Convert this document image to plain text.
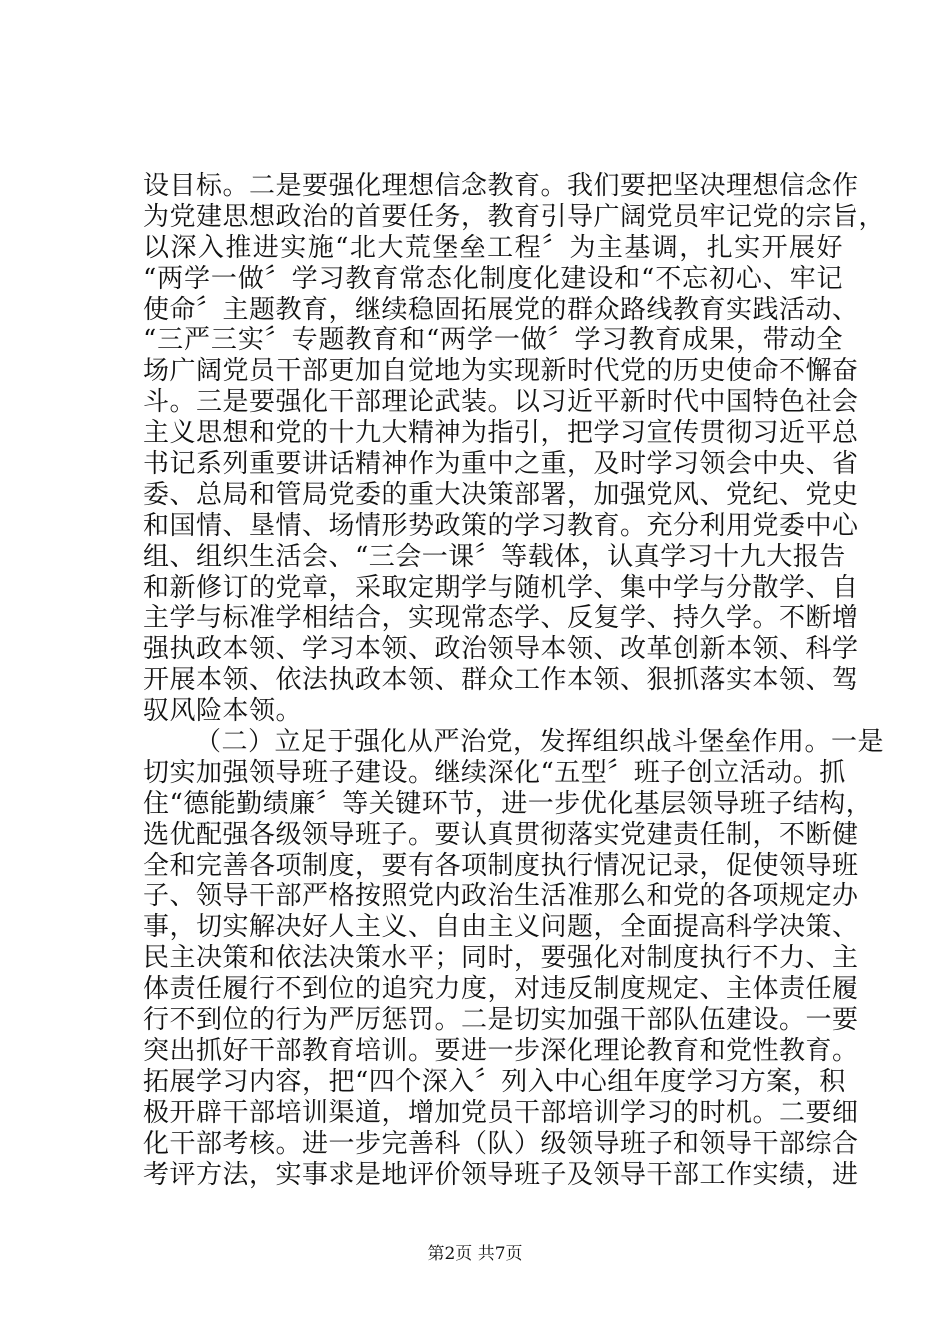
设目标。二是要强化理想信念教育。我们要把坚决理想信念作
为党建思想政治的首要任务，教育引导广阔党员牢记党的宗旨，
以深入推进实施“北大荒堡垒工程〞为主基调，扎实开展好
“两学一做〞学习教育常态化制度化建设和“不忘初心、牢记
使命〞主题教育，继续稳固拓展党的群众路线教育实践活动、
“三严三实〞专题教育和“两学一做〞学习教育成果，带动全
场广阔党员干部更加自觉地为实现新时代党的历史使命不懈奋
斗。三是要强化干部理论武装。以习近平新时代中国特色社会
主义思想和党的十九大精神为指引，把学习宣传贯彻习近平总
书记系列重要讲话精神作为重中之重，及时学习领会中央、省
委、总局和管局党委的重大决策部署，加强党风、党纪、党史
和国情、垦情、场情形势政策的学习教育。充分利用党委中心
组、组织生活会、“三会一课〞等载体，认真学习十九大报告
和新修订的党章，采取定期学与随机学、集中学与分散学、自
主学与标准学相结合，实现常态学、反复学、持久学。不断增
强执政本领、学习本领、政治领导本领、改革创新本领、科学
开展本领、依法执政本领、群众工作本领、狠抓落实本领、驾
驭风险本领。
（二）立足于强化从严治党，发挥组织战斗堡垒作用。一是
切实加强领导班子建设。继续深化“五型〞班子创立活动。抓
住“德能勤绩廉〞等关键环节，进一步优化基层领导班子结构，
选优配强各级领导班子。要认真贯彻落实党建责任制，不断健
全和完善各项制度，要有各项制度执行情况记录，促使领导班
子、领导干部严格按照党内政治生活准那么和党的各项规定办
事，切实解决好人主义、自由主义问题，全面提高科学决策、
民主决策和依法决策水平；同时，要强化对制度执行不力、主
体责任履行不到位的追究力度，对违反制度规定、主体责任履
行不到位的行为严厉惩罚。二是切实加强干部队伍建设。一要
突出抓好干部教育培训。要进一步深化理论教育和党性教育。
拓展学习内容，把“四个深入〞列入中心组年度学习方案，积
极开辟干部培训渠道，增加党员干部培训学习的时机。二要细
化干部考核。进一步完善科（队）级领导班子和领导干部综合
考评方法，实事求是地评价领导班子及领导干部工作实绩，进
第2页 共7页
